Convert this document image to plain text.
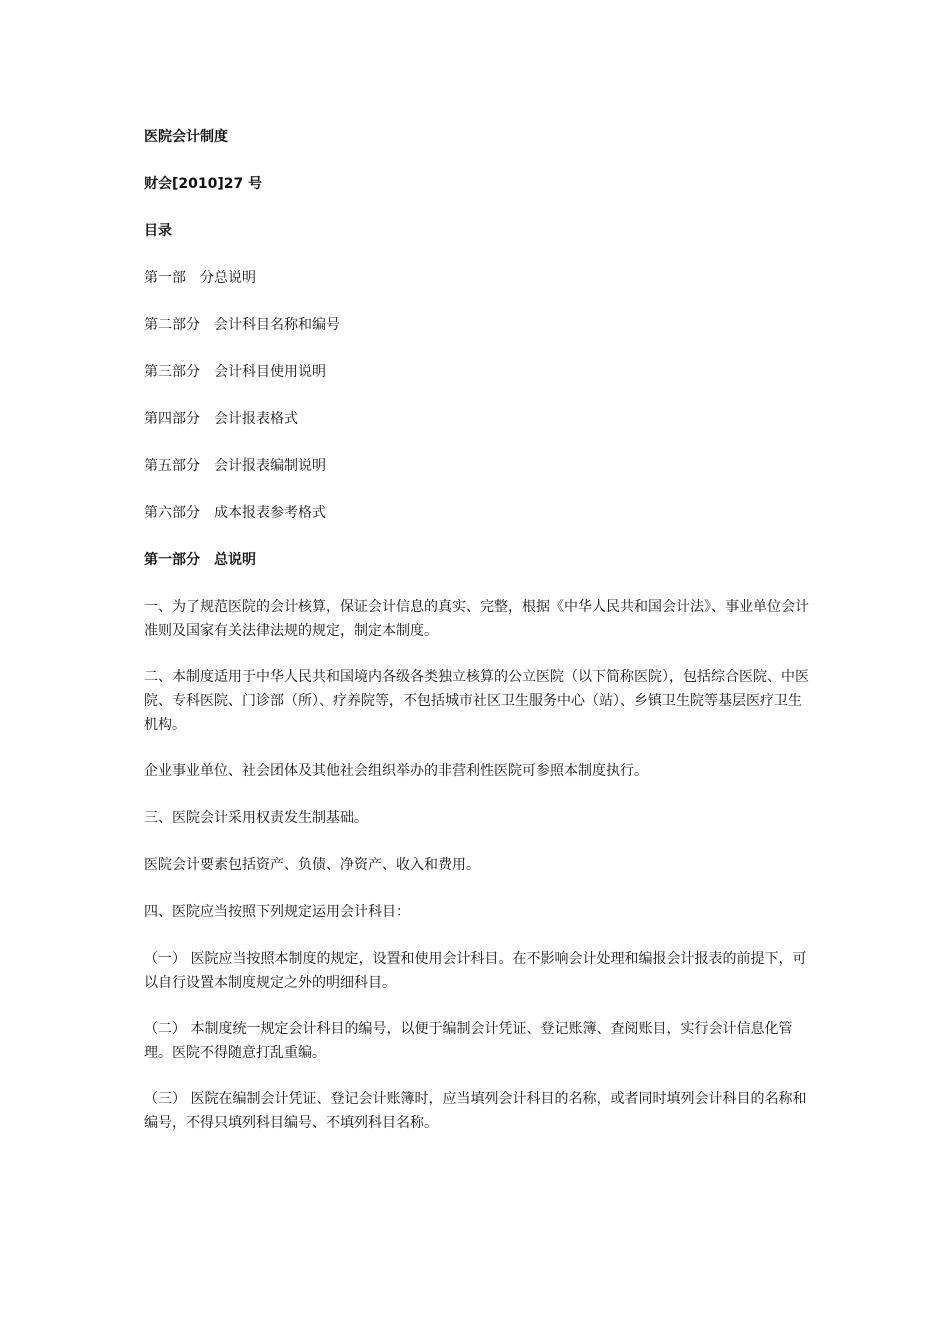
医院会计制度

财会[2010]27 号

目录

第一部　分总说明

第二部分　会计科目名称和编号

第三部分　会计科目使用说明

第四部分　会计报表格式

第五部分　会计报表编制说明

第六部分　成本报表参考格式

第一部分　总说明

一、为了规范医院的会计核算，保证会计信息的真实、完整，根据《中华人民共和国会计法》、事业单位会计准则及国家有关法律法规的规定，制定本制度。

二、本制度适用于中华人民共和国境内各级各类独立核算的公立医院（以下简称医院），包括综合医院、中医院、专科医院、门诊部（所）、疗养院等，不包括城市社区卫生服务中心（站）、乡镇卫生院等基层医疗卫生机构。

企业事业单位、社会团体及其他社会组织举办的非营利性医院可参照本制度执行。

三、医院会计采用权责发生制基础。

医院会计要素包括资产、负债、净资产、收入和费用。

四、医院应当按照下列规定运用会计科目：

（一） 医院应当按照本制度的规定，设置和使用会计科目。在不影响会计处理和编报会计报表的前提下，可以自行设置本制度规定之外的明细科目。

（二） 本制度统一规定会计科目的编号，以便于编制会计凭证、登记账簿、查阅账目，实行会计信息化管理。医院不得随意打乱重编。

（三） 医院在编制会计凭证、登记会计账簿时，应当填列会计科目的名称，或者同时填列会计科目的名称和编号，不得只填列科目编号、不填列科目名称。
